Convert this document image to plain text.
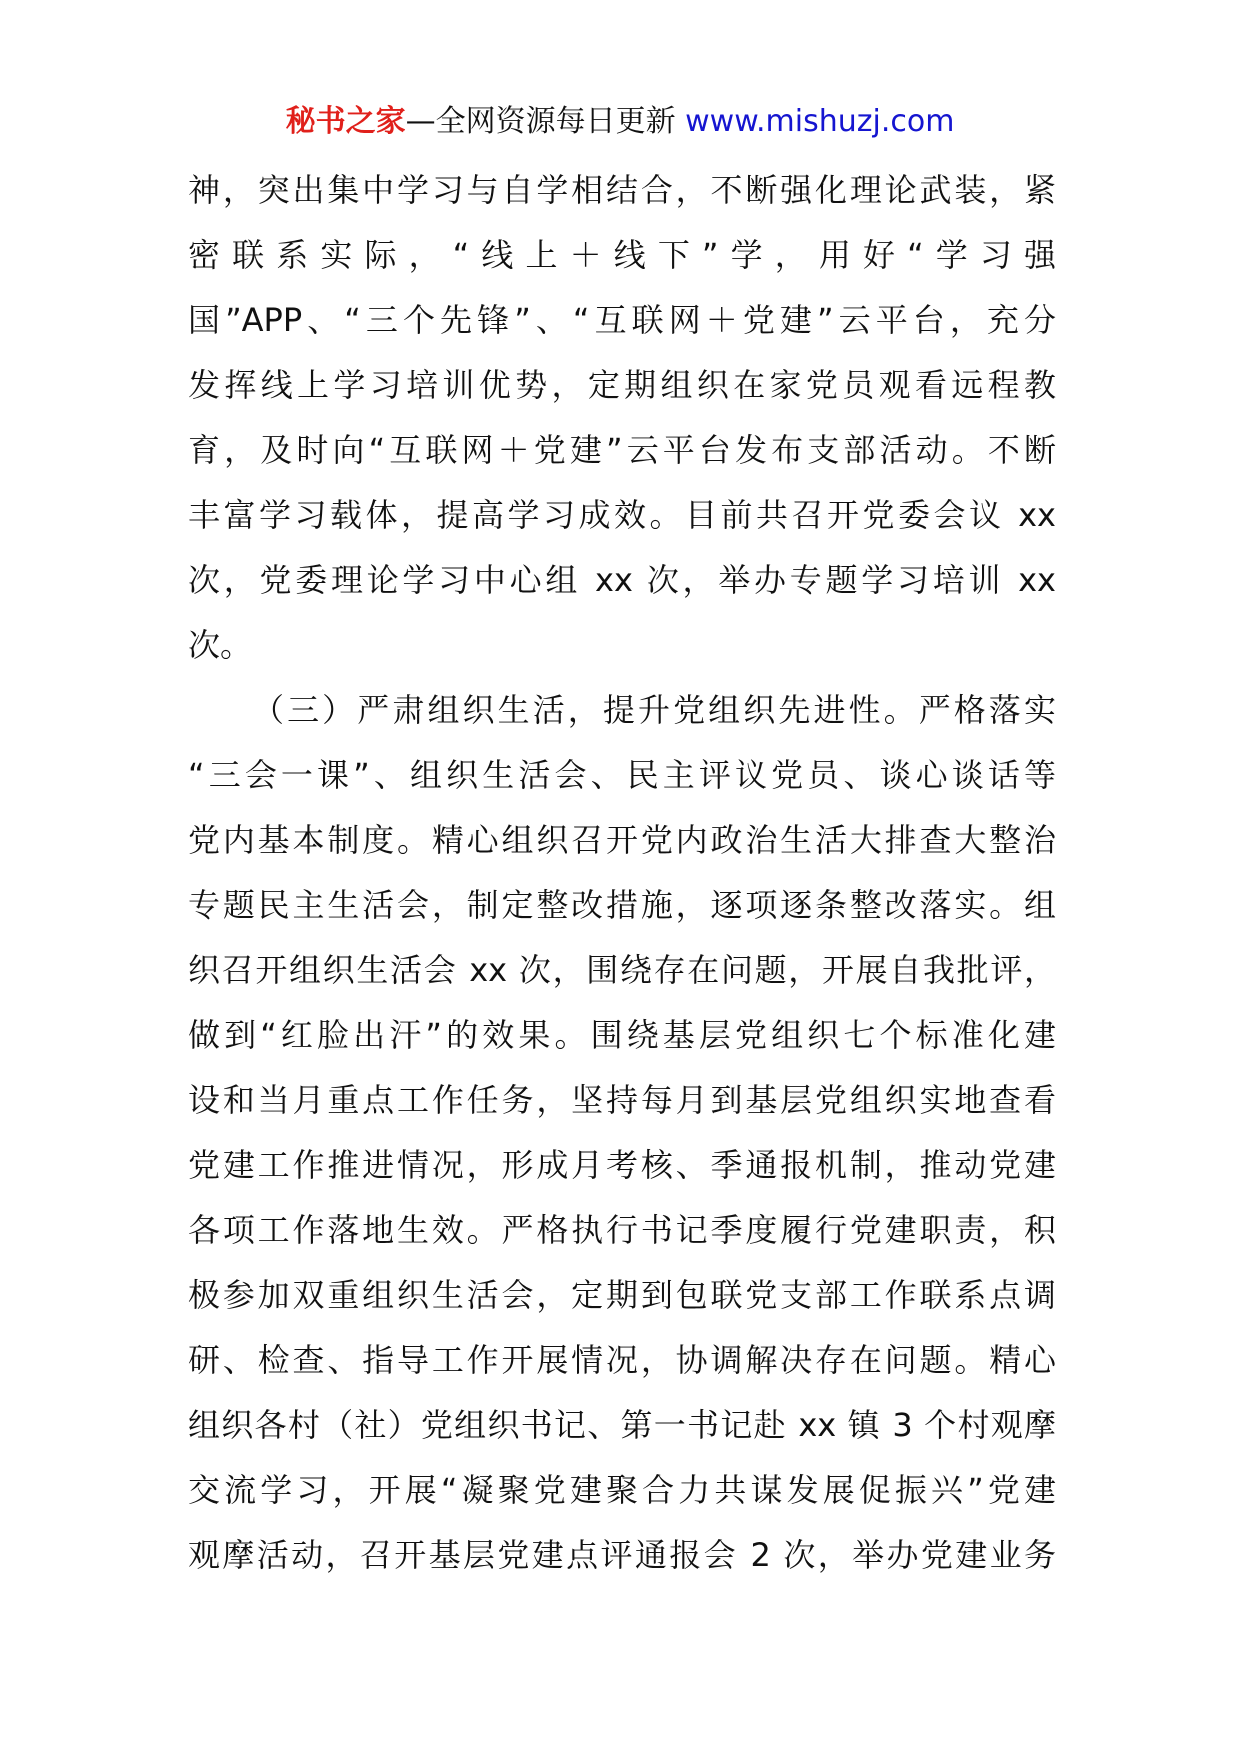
秘书之家—全网资源每日更新 www.mishuzj.com
神，突出集中学习与自学相结合，不断强化理论武装，紧
密联系实际，“线上＋线下”学，用好“学习强
国”APP、“三个先锋”、“互联网＋党建”云平台，充分
发挥线上学习培训优势，定期组织在家党员观看远程教
育，及时向“互联网＋党建”云平台发布支部活动。不断
丰富学习载体，提高学习成效。目前共召开党委会议 xx
次，党委理论学习中心组 xx 次，举办专题学习培训 xx
次。
（三）严肃组织生活，提升党组织先进性。严格落实
“三会一课”、组织生活会、民主评议党员、谈心谈话等
党内基本制度。精心组织召开党内政治生活大排查大整治
专题民主生活会，制定整改措施，逐项逐条整改落实。组
织召开组织生活会 xx 次，围绕存在问题，开展自我批评，
做到“红脸出汗”的效果。围绕基层党组织七个标准化建
设和当月重点工作任务，坚持每月到基层党组织实地查看
党建工作推进情况，形成月考核、季通报机制，推动党建
各项工作落地生效。严格执行书记季度履行党建职责，积
极参加双重组织生活会，定期到包联党支部工作联系点调
研、检查、指导工作开展情况，协调解决存在问题。精心
组织各村（社）党组织书记、第一书记赴 xx 镇 3 个村观摩
交流学习，开展“凝聚党建聚合力共谋发展促振兴”党建
观摩活动，召开基层党建点评通报会 2 次，举办党建业务
